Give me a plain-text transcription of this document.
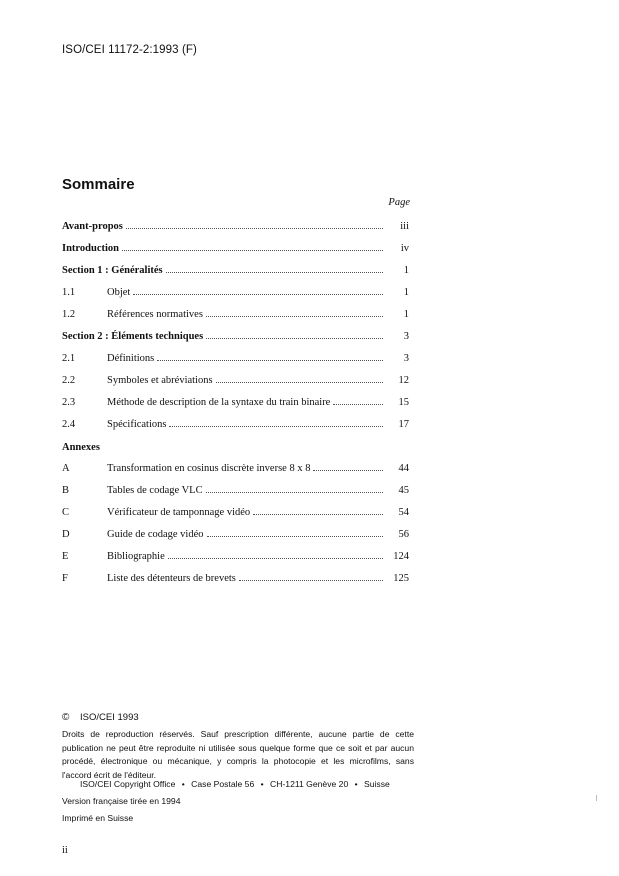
ISO/CEI 11172-2:1993 (F)
Sommaire
Page
Avant-propos	iii
Introduction	iv
Section 1 : Généralités	1
1.1	Objet	1
1.2	Références normatives	1
Section 2 : Éléments techniques	3
2.1	Définitions	3
2.2	Symboles et abréviations	12
2.3	Méthode de description de la syntaxe du train binaire	15
2.4	Spécifications	17
Annexes
A	Transformation en cosinus discrète inverse 8 x 8	44
B	Tables de codage VLC	45
C	Vérificateur de tamponnage vidéo	54
D	Guide de codage vidéo	56
E	Bibliographie	124
F	Liste des détenteurs de brevets	125
© ISO/CEI 1993
Droits de reproduction réservés. Sauf prescription différente, aucune partie de cette publication ne peut être reproduite ni utilisée sous quelque forme que ce soit et par aucun procédé, électronique ou mécanique, y compris la photocopie et les microfilms, sans l'accord écrit de l'éditeur.
ISO/CEI Copyright Office • Case Postale 56 • CH-1211 Genève 20 • Suisse
Version française tirée en 1994
Imprimé en Suisse
ii
